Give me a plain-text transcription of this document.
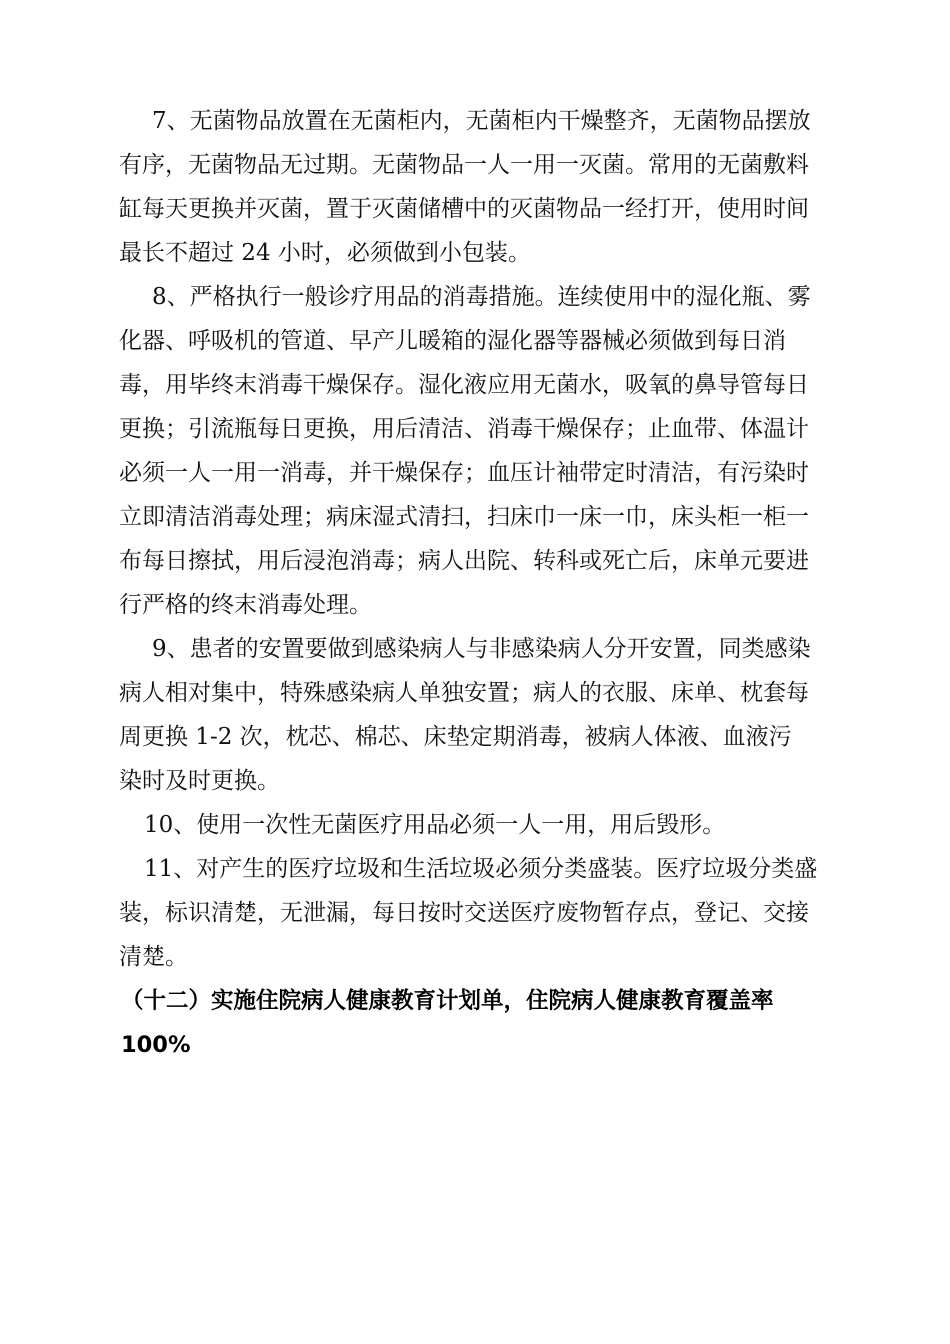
7、无菌物品放置在无菌柜内，无菌柜内干燥整齐，无菌物品摆放
有序，无菌物品无过期。无菌物品一人一用一灭菌。常用的无菌敷料
缸每天更换并灭菌，置于灭菌储槽中的灭菌物品一经打开，使用时间
最长不超过 24 小时，必须做到小包装。
8、严格执行一般诊疗用品的消毒措施。连续使用中的湿化瓶、雾
化器、呼吸机的管道、早产儿暖箱的湿化器等器械必须做到每日消
毒，用毕终末消毒干燥保存。湿化液应用无菌水，吸氧的鼻导管每日
更换；引流瓶每日更换，用后清洁、消毒干燥保存；止血带、体温计
必须一人一用一消毒，并干燥保存；血压计袖带定时清洁，有污染时
立即清洁消毒处理；病床湿式清扫，扫床巾一床一巾，床头柜一柜一
布每日擦拭，用后浸泡消毒；病人出院、转科或死亡后，床单元要进
行严格的终末消毒处理。
9、患者的安置要做到感染病人与非感染病人分开安置，同类感染
病人相对集中，特殊感染病人单独安置；病人的衣服、床单、枕套每
周更换 1-2 次，枕芯、棉芯、床垫定期消毒，被病人体液、血液污
染时及时更换。
10、使用一次性无菌医疗用品必须一人一用，用后毁形。
11、对产生的医疗垃圾和生活垃圾必须分类盛装。医疗垃圾分类盛
装，标识清楚，无泄漏，每日按时交送医疗废物暂存点，登记、交接
清楚。
（十二）实施住院病人健康教育计划单，住院病人健康教育覆盖率
100%
